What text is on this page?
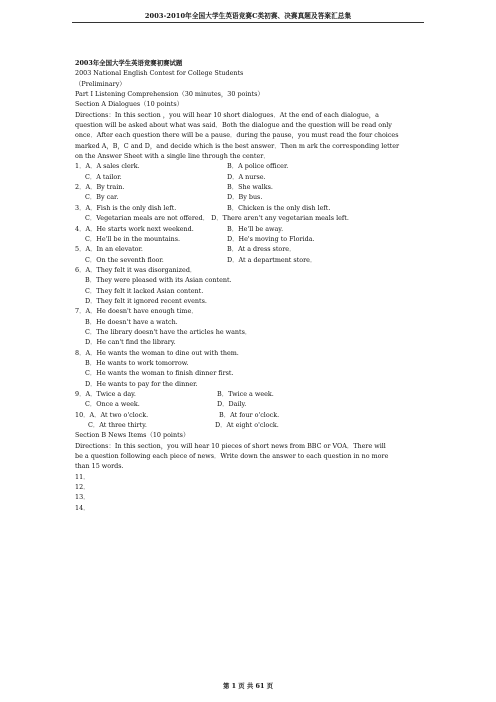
2003-2010年全国大学生英语竞赛C类初赛、决赛真题及答案汇总集
2003年全国大学生英语竞赛初赛试题
2003 National English Contest for College Students
（Preliminary）
Part I Listening Comprehension（30 minutes，30 points）
Section A Dialogues（10 points）
Directions：In this section ，you will hear 10 short dialogues．At the end of each dialogue，a
question will be asked about what was said．Both the dialogue and the question will be read only
once．After each question there will be a pause．during the pause，you must read the four choices
marked A，B，C and D，and decide which is the best answer．Then m ark the corresponding letter
on the Answer Sheet with a single line through the center．
1．A．A sales clerk.	B．A police officer.
C．A tailor.	D．A nurse.
2．A．By train.	B．She walks.
C．By car.	D．By bus.
3．A．Fish is the only dish left.	B．Chicken is the only dish left.
C．Vegetarian meals are not offered． D．There aren't any vegetarian meals left.
4．A．He starts work next weekend.	B．He'll be away.
C．He'll be in the mountains.	D．He's moving to Florida.
5．A．In an elevator.	B．At a dress store．
C．On the seventh floor.	D．At a department store．
6．A．They felt it was disorganized．
B．They were pleased with its Asian content.
C．They felt it lacked Asian content.
D．They felt it ignored recent events.
7．A．He doesn't have enough time．
B．He doesn't have a watch.
C．The library doesn't have the articles he wants．
D．He can't find the library.
8．A．He wants the woman to dine out with them.
B．He wants to work tomorrow.
C．He wants the woman to finish dinner first.
D．He wants to pay for the dinner.
9．A．Twice a day.	B．Twice a week.
C．Once a week.	D．Daily.
10．A．At two o'clock.	B．At four o'clock.
C．At three thirty.	D．At eight o'clock.
Section B News Items（10 points）
Directions：In this section，you will hear 10 pieces of short news from BBC or VOA．There will
be a question following each piece of news．Write down the answer to each question in no more
than 15 words.
11．
12．
13．
14．
第 1 页 共 61 页
